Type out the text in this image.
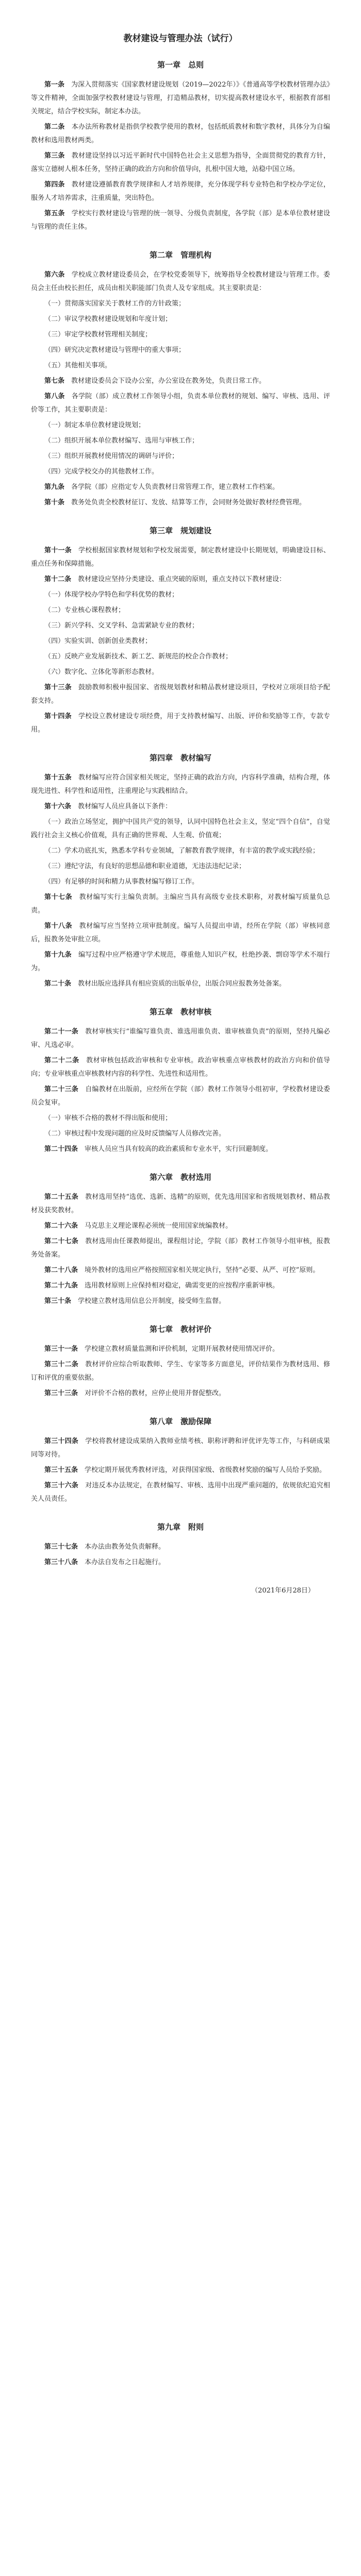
教材建设与管理办法（试行）
第一章　总则

第一条　 为深入贯彻落实《国家教材建设规划（2019—2022年）》《普通高等学校教材管理办法》等文件精神，全面加强学校教材建设与管理，打造精品教材，切实提高教材建设水平，根据教育部相关规定，结合学校实际，制定本办法。

第二条　 本办法所称教材是指供学校教学使用的教材，包括纸质教材和数字教材，具体分为自编教材和选用教材两类。

第三条　 教材建设坚持以习近平新时代中国特色社会主义思想为指导，全面贯彻党的教育方针，落实立德树人根本任务，坚持正确的政治方向和价值导向，扎根中国大地，站稳中国立场。

第四条　 教材建设遵循教育教学规律和人才培养规律，充分体现学科专业特色和学校办学定位，服务人才培养需求，注重质量，突出特色。

第五条　 学校实行教材建设与管理的统一领导、分级负责制度，各学院（部）是本单位教材建设与管理的责任主体。

第二章　管理机构

第六条　 学校成立教材建设委员会，在学校党委领导下，统筹指导全校教材建设与管理工作。委员会主任由校长担任，成员由相关职能部门负责人及专家组成。其主要职责是：

（一）贯彻落实国家关于教材工作的方针政策；

（二）审议学校教材建设规划和年度计划；

（三）审定学校教材管理相关制度；

（四）研究决定教材建设与管理中的重大事项；

（五）其他相关事项。

第七条　 教材建设委员会下设办公室，办公室设在教务处，负责日常工作。

第八条　 各学院（部）成立教材工作领导小组，负责本单位教材的规划、编写、审核、选用、评价等工作，其主要职责是：

（一）制定本单位教材建设规划；

（二）组织开展本单位教材编写、选用与审核工作；

（三）组织开展教材使用情况的调研与评价；

（四）完成学校交办的其他教材工作。

第九条　 各学院（部）应指定专人负责教材日常管理工作，建立教材工作档案。

第十条　 教务处负责全校教材征订、发放、结算等工作，会同财务处做好教材经费管理。

第三章　规划建设

第十一条　 学校根据国家教材规划和学校发展需要，制定教材建设中长期规划，明确建设目标、重点任务和保障措施。

第十二条　 教材建设应坚持分类建设、重点突破的原则，重点支持以下教材建设：

（一）体现学校办学特色和学科优势的教材；

（二）专业核心课程教材；

（三）新兴学科、交叉学科、急需紧缺专业的教材；

（四）实验实训、创新创业类教材；

（五）反映产业发展新技术、新工艺、新规范的校企合作教材；

（六）数字化、立体化等新形态教材。

第十三条　 鼓励教师积极申报国家、省级规划教材和精品教材建设项目，学校对立项项目给予配套支持。

第十四条　 学校设立教材建设专项经费，用于支持教材编写、出版、评价和奖励等工作，专款专用。

第四章　教材编写

第十五条　 教材编写应符合国家相关规定，坚持正确的政治方向，内容科学准确，结构合理，体现先进性、科学性和适用性，注重理论与实践相结合。

第十六条　 教材编写人员应具备以下条件：

（一）政治立场坚定，拥护中国共产党的领导，认同中国特色社会主义，坚定“四个自信”，自觉践行社会主义核心价值观，具有正确的世界观、人生观、价值观；

（二）学术功底扎实，熟悉本学科专业领域，了解教育教学规律，有丰富的教学或实践经验；

（三）遵纪守法，有良好的思想品德和职业道德，无违法违纪记录；

（四）有足够的时间和精力从事教材编写修订工作。

第十七条　 教材编写实行主编负责制。主编应当具有高级专业技术职称，对教材编写质量负总责。

第十八条　 教材编写应当坚持立项审批制度。编写人员提出申请，经所在学院（部）审核同意后，报教务处审批立项。

第十九条　 编写过程中应严格遵守学术规范，尊重他人知识产权，杜绝抄袭、剽窃等学术不端行为。

第二十条　 教材出版应选择具有相应资质的出版单位，出版合同应报教务处备案。

第五章　教材审核

第二十一条　 教材审核实行“谁编写谁负责、谁选用谁负责、谁审核谁负责”的原则，坚持凡编必审、凡选必审。

第二十二条　 教材审核包括政治审核和专业审核。政治审核重点审核教材的政治方向和价值导向；专业审核重点审核教材内容的科学性、先进性和适用性。

第二十三条　 自编教材在出版前，应经所在学院（部）教材工作领导小组初审，学校教材建设委员会复审。

（一）审核不合格的教材不得出版和使用；

（二）审核过程中发现问题的应及时反馈编写人员修改完善。

第二十四条　 审核人员应当具有较高的政治素质和专业水平，实行回避制度。

第六章　教材选用

第二十五条　 教材选用坚持“选优、选新、选精”的原则，优先选用国家和省级规划教材、精品教材及获奖教材。

第二十六条　 马克思主义理论课程必须统一使用国家统编教材。

第二十七条　 教材选用由任课教师提出，课程组讨论，学院（部）教材工作领导小组审核，报教务处备案。

第二十八条　 境外教材的选用应严格按照国家相关规定执行，坚持“必要、从严、可控”原则。

第二十九条　 选用教材原则上应保持相对稳定，确需变更的应按程序重新审核。

第三十条　 学校建立教材选用信息公开制度，接受师生监督。

第七章　教材评价

第三十一条　 学校建立教材质量监测和评价机制，定期开展教材使用情况评价。

第三十二条　 教材评价应综合听取教师、学生、专家等多方面意见，评价结果作为教材选用、修订和评优的重要依据。

第三十三条　 对评价不合格的教材，应停止使用并督促整改。

第八章　激励保障

第三十四条　 学校将教材建设成果纳入教师业绩考核、职称评聘和评优评先等工作，与科研成果同等对待。

第三十五条　 学校定期开展优秀教材评选，对获得国家级、省级教材奖励的编写人员给予奖励。

第三十六条　 对违反本办法规定，在教材编写、审核、选用中出现严重问题的，依规依纪追究相关人员责任。

第九章　附则

第三十七条　 本办法由教务处负责解释。

第三十八条　 本办法自发布之日起施行。

（2021年6月28日）
